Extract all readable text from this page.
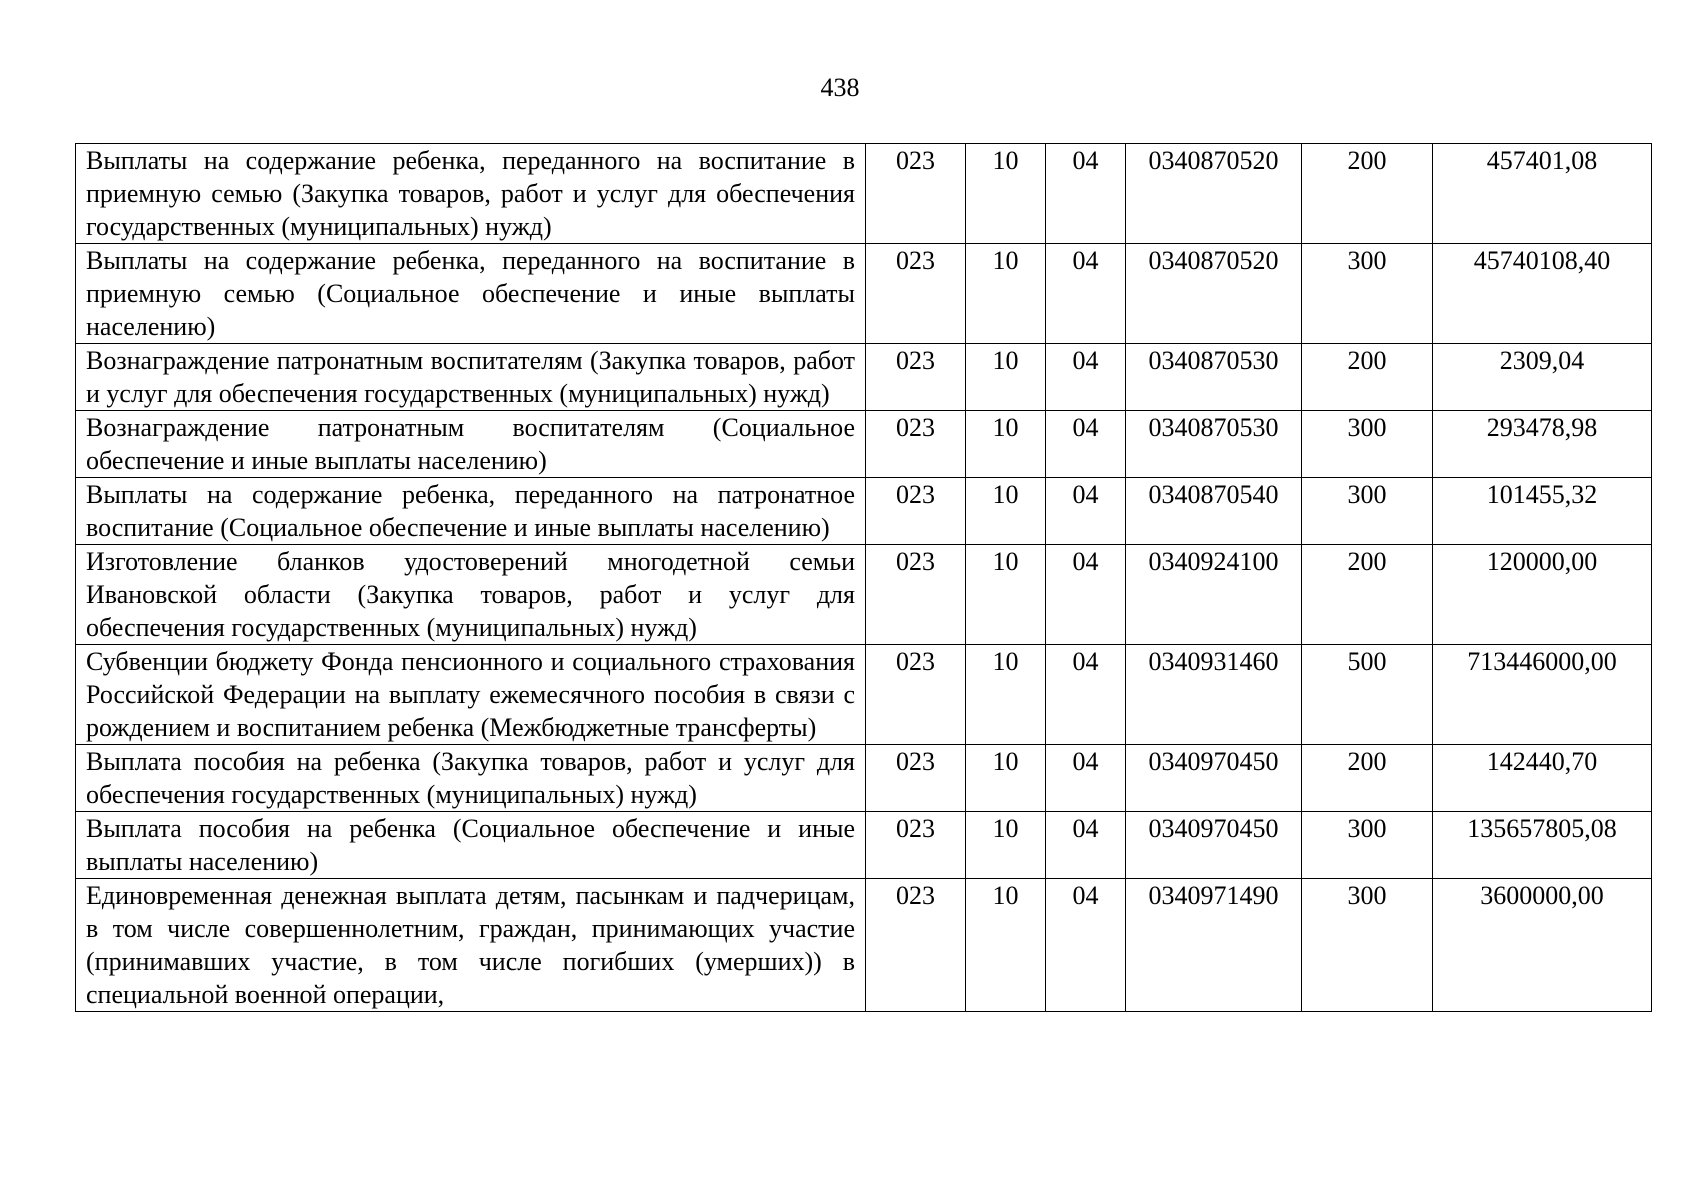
438
Выплаты на содержание ребенка, переданного на воспитание в приемную семью (Закупка товаров, работ и услуг для обеспечения государственных (муниципальных) нужд)	023	10	04	0340870520	200	457401,08
Выплаты на содержание ребенка, переданного на воспитание в приемную семью (Социальное обеспечение и иные выплаты населению)	023	10	04	0340870520	300	45740108,40
Вознаграждение патронатным воспитателям (Закупка товаров, работ и услуг для обеспечения государственных (муниципальных) нужд)	023	10	04	0340870530	200	2309,04
Вознаграждение патронатным воспитателям (Социальное обеспечение и иные выплаты населению)	023	10	04	0340870530	300	293478,98
Выплаты на содержание ребенка, переданного на патронатное воспитание (Социальное обеспечение и иные выплаты населению)	023	10	04	0340870540	300	101455,32
Изготовление бланков удостоверений многодетной семьи Ивановской области (Закупка товаров, работ и услуг для обеспечения государственных (муниципальных) нужд)	023	10	04	0340924100	200	120000,00
Субвенции бюджету Фонда пенсионного и социального страхования Российской Федерации на выплату ежемесячного пособия в связи с рождением и воспитанием ребенка (Межбюджетные трансферты)	023	10	04	0340931460	500	713446000,00
Выплата пособия на ребенка (Закупка товаров, работ и услуг для обеспечения государственных (муниципальных) нужд)	023	10	04	0340970450	200	142440,70
Выплата пособия на ребенка (Социальное обеспечение и иные выплаты населению)	023	10	04	0340970450	300	135657805,08
Единовременная денежная выплата детям, пасынкам и падчерицам, в том числе совершеннолетним, граждан, принимающих участие (принимавших участие, в том числе погибших (умерших)) в специальной военной операции,	023	10	04	0340971490	300	3600000,00
